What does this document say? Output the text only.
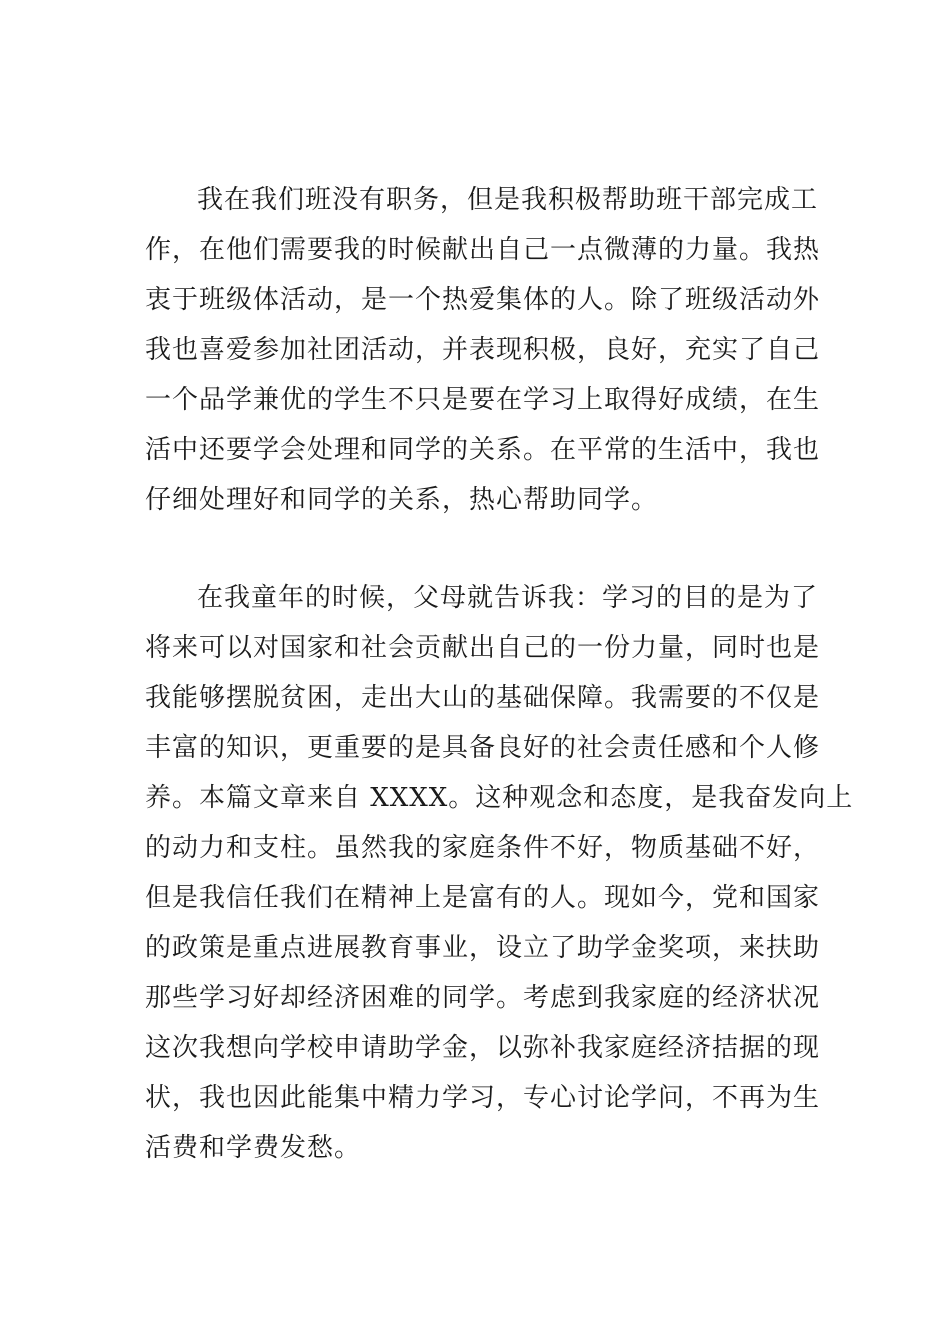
我在我们班没有职务，但是我积极帮助班干部完成工
作，在他们需要我的时候献出自己一点微薄的力量。我热
衷于班级体活动，是一个热爱集体的人。除了班级活动外
我也喜爱参加社团活动，并表现积极，良好，充实了自己
一个品学兼优的学生不只是要在学习上取得好成绩，在生
活中还要学会处理和同学的关系。在平常的生活中，我也
仔细处理好和同学的关系，热心帮助同学。

在我童年的时候，父母就告诉我：学习的目的是为了
将来可以对国家和社会贡献出自己的一份力量，同时也是
我能够摆脱贫困，走出大山的基础保障。我需要的不仅是
丰富的知识，更重要的是具备良好的社会责任感和个人修
养。本篇文章来自 XXXX。这种观念和态度，是我奋发向上
的动力和支柱。虽然我的家庭条件不好，物质基础不好，
但是我信任我们在精神上是富有的人。现如今，党和国家
的政策是重点进展教育事业，设立了助学金奖项，来扶助
那些学习好却经济困难的同学。考虑到我家庭的经济状况
这次我想向学校申请助学金，以弥补我家庭经济拮据的现
状，我也因此能集中精力学习，专心讨论学问，不再为生
活费和学费发愁。
